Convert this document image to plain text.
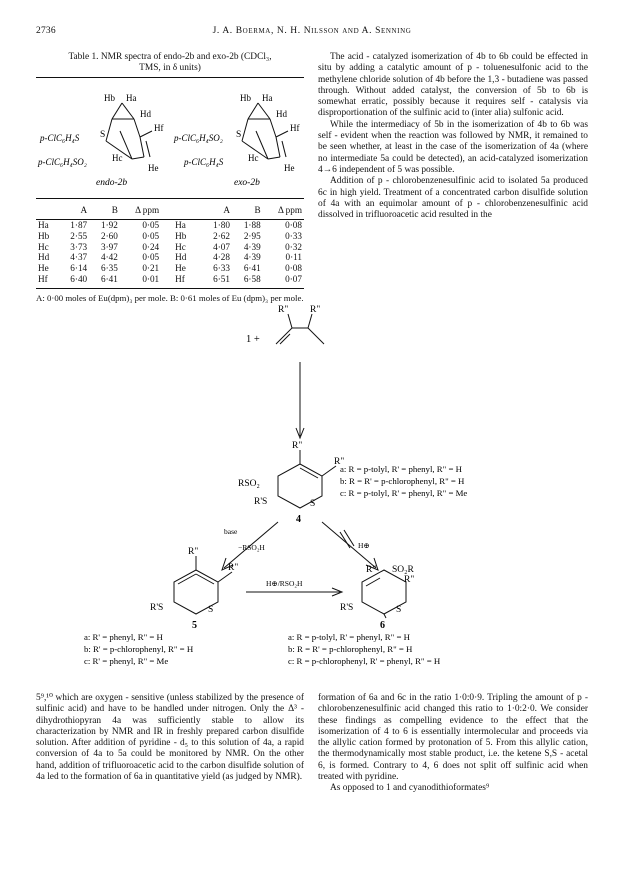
2736	J. A. Boerma, N. H. Nilsson and A. Senning
Table 1. NMR spectra of endo-2b and exo-2b (CDCl₃,
TMS, in δ units)
Hb Ha
Hd
Hf
S
Hc
He
p-ClC₆H₄S
p-ClC₆H₄SO₂
endo-2b
Hb Ha
Hd
Hf
S
Hc
He
p-ClC₆H₄SO₂
p-ClC₆H₄S
exo-2b
	A	B	Δ ppm		A	B	Δ ppm
Ha	1·87	1·92	0·05	Ha	1·80	1·88	0·08
Hb	2·55	2·60	0·05	Hb	2·62	2·95	0·33
Hc	3·73	3·97	0·24	Hc	4·07	4·39	0·32
Hd	4·37	4·42	0·05	Hd	4·28	4·39	0·11
He	6·14	6·35	0·21	He	6·33	6·41	0·08
Hf	6·40	6·41	0·01	Hf	6·51	6·58	0·07
A: 0·00 moles of Eu(dpm)₃ per mole. B: 0·61 moles of Eu (dpm)₃ per mole.

The acid - catalyzed isomerization of 4b to 6b could be effected in situ by adding a catalytic amount of p - toluenesulfonic acid to the methylene chloride solution of 4b before the 1,3 - butadiene was passed through. Without added catalyst, the conversion of 5b to 6b is somewhat erratic, possibly because it requires self - catalysis via disproportionation of the sulfinic acid to (inter alia) sulfonic acid.

While the intermediacy of 5b in the isomerization of 4b to 6b was self - evident when the reaction was followed by NMR, it remained to be seen whether, at least in the case of the isomerization of 4a (where no intermediate 5a could be detected), an acid-catalyzed isomerization 4→6 independent of 5 was possible.

Addition of p - chlorobenzenesulfinic acid to isolated 5a produced 6c in high yield. Treatment of a concentrated carbon disulfide solution of 4a with an equimolar amount of p - chlorobenzenesulfinic acid dissolved in trifluoroacetic acid resulted in the

1 +
R" R"
R"
R"
RSO₂
R'S	S
4
a: R = p-tolyl, R' = phenyl, R" = H
b: R = R' = p-chlorophenyl, R" = H
c: R = p-tolyl, R' = phenyl, R" = Me
base
−RSO₂H	H⊕
R"
R"
R'S	S
5
H⊕/RSO₂H
R" SO₂R
R"
R'S	S
6
a: R' = phenyl, R" = H
b: R' = p-chlorophenyl, R" = H
c: R' = phenyl, R" = Me
a: R = p-tolyl, R' = phenyl, R" = H
b: R = R' = p-chlorophenyl, R" = H
c: R = p-chlorophenyl, R' = phenyl, R" = H

5⁹,¹⁰ which are oxygen - sensitive (unless stabilized by the presence of sulfinic acid) and have to be handled under nitrogen. Only the Δ³ - dihydrothiopyran 4a was sufficiently stable to allow its characterization by NMR and IR in freshly prepared carbon disulfide solution. After addition of pyridine - d₅ to this solution of 4a, a rapid conversion of 4a to 5a could be monitored by NMR. On the other hand, addition of trifluoroacetic acid to the carbon disulfide solution of 4a led to the formation of 6a in quantitative yield (as judged by NMR).

formation of 6a and 6c in the ratio 1·0:0·9. Tripling the amount of p - chlorobenzenesulfinic acid changed this ratio to 1·0:2·0. We consider these findings as compelling evidence to the effect that the isomerization of 4 to 6 is essentially intermolecular and proceeds via the allylic cation formed by protonation of 5. From this allylic cation, the thermodynamically most stable product, i.e. the ketene S,S - acetal 6, is formed. Contrary to 4, 6 does not split off sulfinic acid when treated with pyridine.

As opposed to 1 and cyanodithioformates⁹
